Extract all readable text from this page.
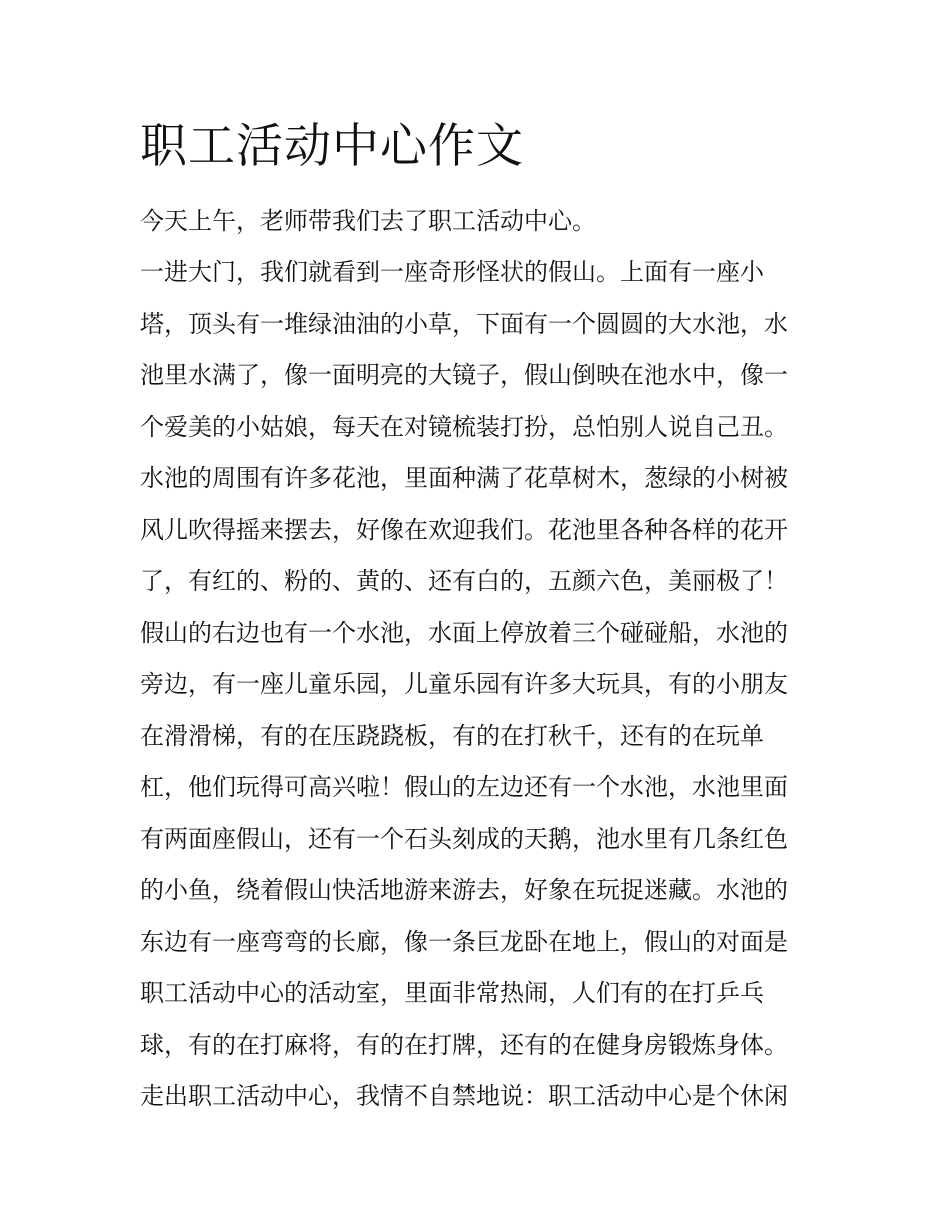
职工活动中心作文

今天上午，老师带我们去了职工活动中心。

一进大门，我们就看到一座奇形怪状的假山。上面有一座小

塔，顶头有一堆绿油油的小草，下面有一个圆圆的大水池，水

池里水满了，像一面明亮的大镜子，假山倒映在池水中，像一

个爱美的小姑娘，每天在对镜梳装打扮，总怕别人说自己丑。

水池的周围有许多花池，里面种满了花草树木，葱绿的小树被

风儿吹得摇来摆去，好像在欢迎我们。花池里各种各样的花开

了，有红的、粉的、黄的、还有白的，五颜六色，美丽极了！

假山的右边也有一个水池，水面上停放着三个碰碰船，水池的

旁边，有一座儿童乐园，儿童乐园有许多大玩具，有的小朋友

在滑滑梯，有的在压跷跷板，有的在打秋千，还有的在玩单

杠，他们玩得可高兴啦！假山的左边还有一个水池，水池里面

有两面座假山，还有一个石头刻成的天鹅，池水里有几条红色

的小鱼，绕着假山快活地游来游去，好象在玩捉迷藏。水池的

东边有一座弯弯的长廊，像一条巨龙卧在地上，假山的对面是

职工活动中心的活动室，里面非常热闹，人们有的在打乒乓

球，有的在打麻将，有的在打牌，还有的在健身房锻炼身体。

走出职工活动中心，我情不自禁地说：职工活动中心是个休闲
